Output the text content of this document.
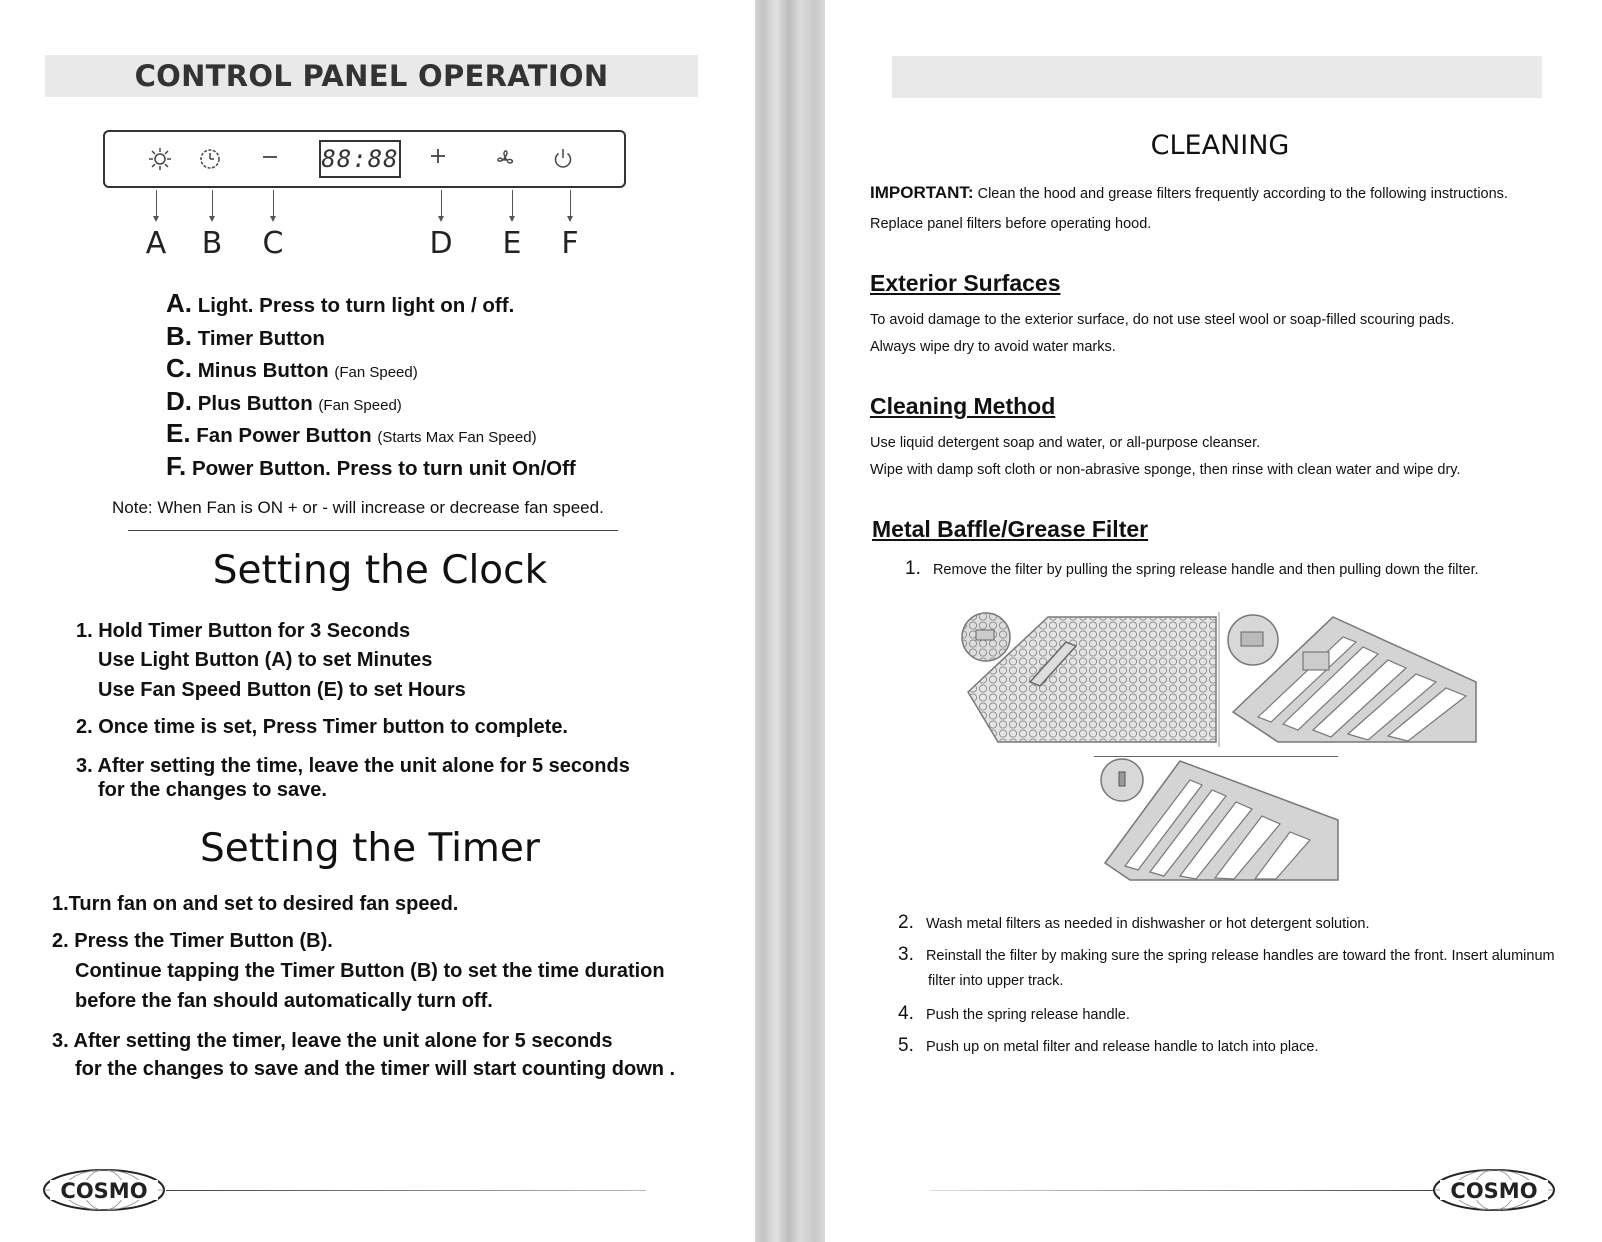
CONTROL PANEL OPERATION
88:88
A B C	D E F
A. Light. Press to turn light on / off.
B. Timer Button
C. Minus Button (Fan Speed)
D. Plus Button (Fan Speed)
E. Fan Power Button (Starts Max Fan Speed)
F. Power Button. Press to turn unit On/Off
Note: When Fan is ON + or - will increase or decrease fan speed.
Setting the Clock
1. Hold Timer Button for 3 Seconds
Use Light Button (A) to set Minutes
Use Fan Speed Button (E) to set Hours
2. Once time is set, Press Timer button to complete.
3. After setting the time, leave the unit alone for 5 seconds
for the changes to save.
Setting the Timer
1.Turn fan on and set to desired fan speed.
2. Press the Timer Button (B).
Continue tapping the Timer Button (B) to set the time duration
before the fan should automatically turn off.
3. After setting the timer, leave the unit alone for 5 seconds
for the changes to save and the timer will start counting down .
COSMO
CLEANING
IMPORTANT: Clean the hood and grease filters frequently according to the following instructions.
Replace panel filters before operating hood.
Exterior Surfaces
To avoid damage to the exterior surface, do not use steel wool or soap-filled scouring pads.
Always wipe dry to avoid water marks.
Cleaning Method
Use liquid detergent soap and water, or all-purpose cleanser.
Wipe with damp soft cloth or non-abrasive sponge, then rinse with clean water and wipe dry.
Metal Baffle/Grease Filter
1. Remove the filter by pulling the spring release handle and then pulling down the filter.
2. Wash metal filters as needed in dishwasher or hot detergent solution.
3. Reinstall the filter by making sure the spring release handles are toward the front. Insert aluminum
filter into upper track.
4. Push the spring release handle.
5. Push up on metal filter and release handle to latch into place.
COSMO
